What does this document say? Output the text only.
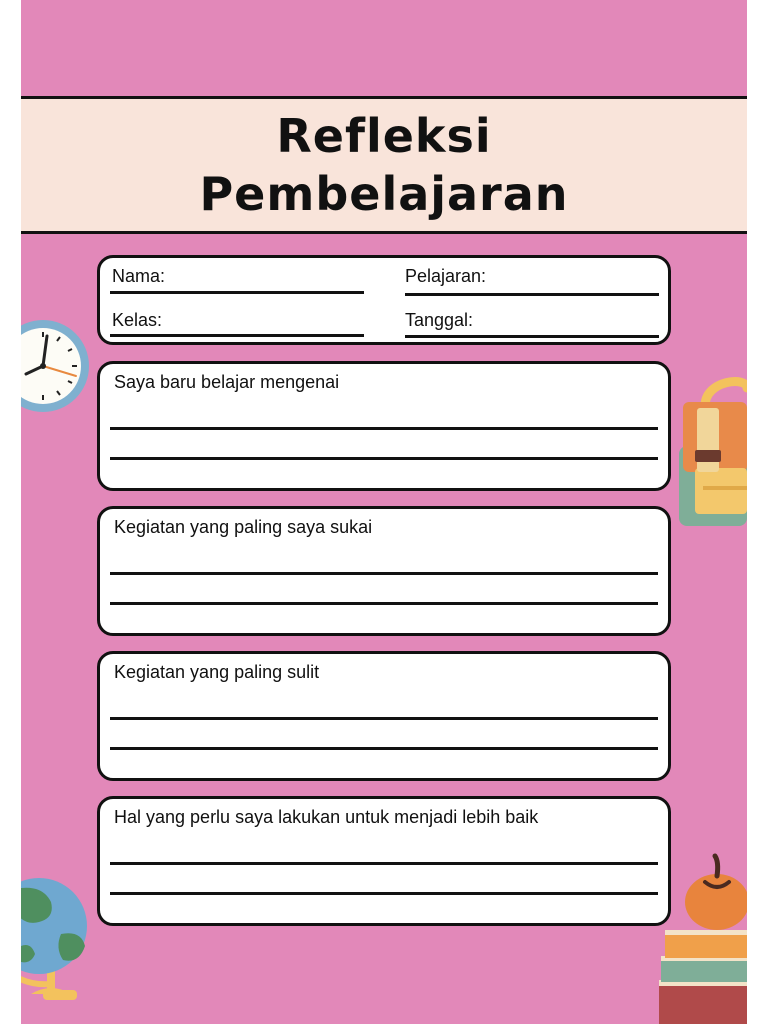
Refleksi
Pembelajaran
Nama:	Pelajaran:
Kelas:	Tanggal:
Saya baru belajar mengenai
Kegiatan yang paling saya sukai
Kegiatan yang paling sulit
Hal yang perlu saya lakukan untuk menjadi lebih baik
